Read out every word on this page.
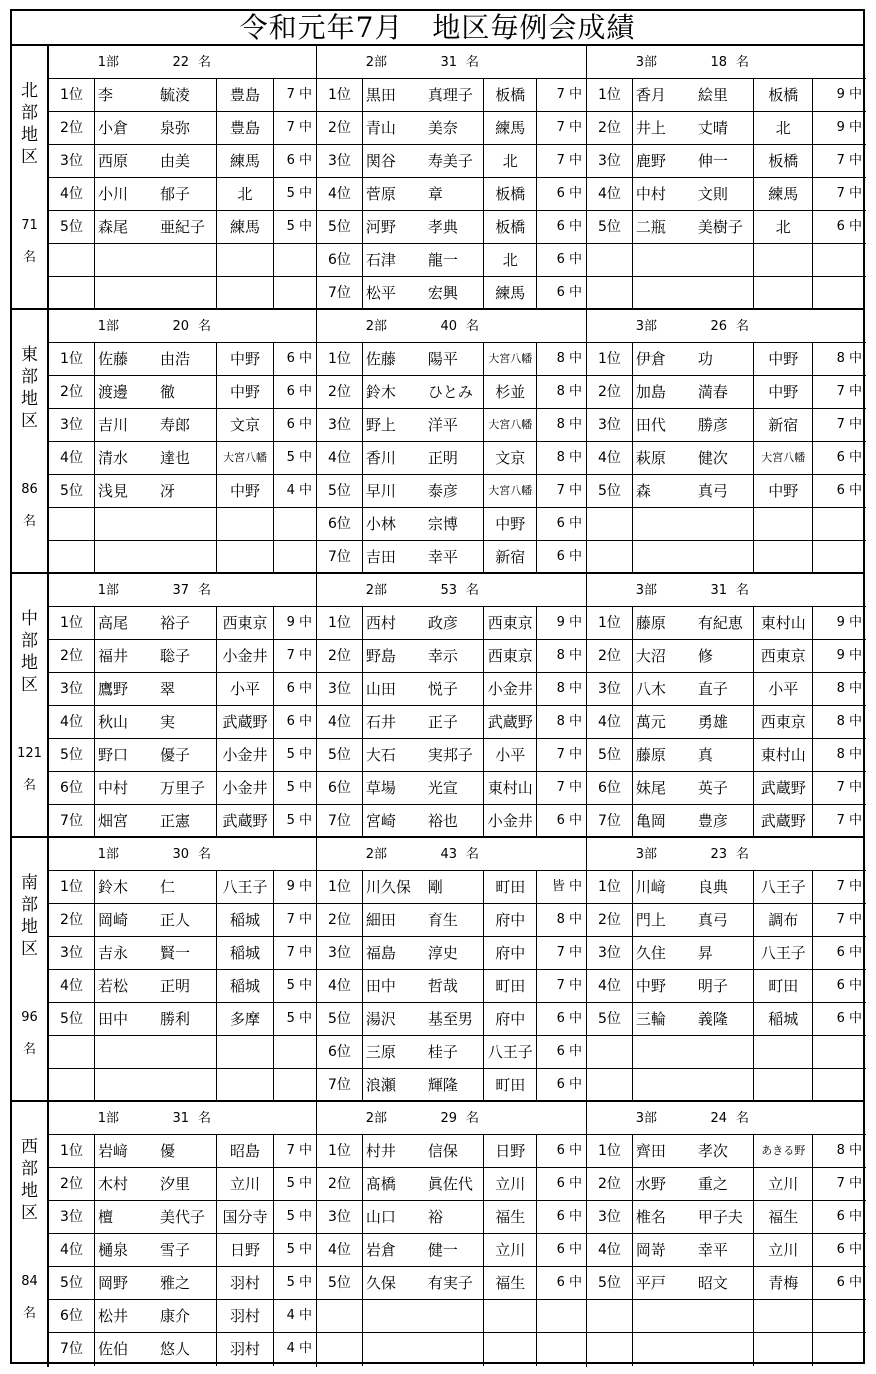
令和元年7月　地区毎例会成績
北
部
地
区
71
名
1部	22 名
1位	李	毓淩	豊島	7 中
2位	小倉	泉弥	豊島	7 中
3位	西原	由美	練馬	6 中
4位	小川	郁子	北	5 中
5位	森尾	亜紀子	練馬	5 中
2部	31 名
1位 黒田	真理子	板橋	7 中
2位 青山	美奈	練馬	7 中
3位 関谷	寿美子	北	7 中
4位 菅原	章	板橋	6 中
5位 河野	孝典	板橋	6 中
6位 石津	龍一	北	6 中
7位 松平	宏興	練馬	6 中
3部	18 名
1位 香月	絵里	板橋	9 中
2位 井上	丈晴	北	9 中
3位 鹿野	伸一	板橋	7 中
4位 中村	文則	練馬	7 中
5位 二瓶	美樹子	北	6 中
東
部
地
区
86
名
1部	20 名
1位	佐藤	由浩	中野	6 中
2位	渡邊	徹	中野	6 中
3位	吉川	寿郎	文京	6 中
4位	清水	達也	大宮八幡	5 中
5位	浅見	冴	中野	4 中
2部	40 名
1位 佐藤	陽平	大宮八幡	8 中
2位 鈴木	ひとみ	杉並	8 中
3位 野上	洋平	大宮八幡	8 中
4位 香川	正明	文京	8 中
5位 早川	泰彦	大宮八幡	7 中
6位 小林	宗博	中野	6 中
7位 吉田	幸平	新宿	6 中
3部	26 名
1位 伊倉	功	中野	8 中
2位 加島	満春	中野	7 中
3位 田代	勝彦	新宿	7 中
4位 萩原	健次	大宮八幡	6 中
5位 森	真弓	中野	6 中
中
部
地
区
121
名
1部	37 名
1位	高尾	裕子	西東京	9 中
2位	福井	聡子	小金井	7 中
3位	鷹野	翠	小平	6 中
4位	秋山	実	武蔵野	6 中
5位	野口	優子	小金井	5 中
6位	中村	万里子	小金井	5 中
7位	畑宮	正憲	武蔵野	5 中
2部	53 名
1位 西村	政彦 西東京	9 中
2位 野島	幸示 西東京	8 中
3位 山田	悦子 小金井	8 中
4位 石井	正子 武蔵野	8 中
5位 大石	実邦子	小平	7 中
6位 草場	光宣 東村山	7 中
7位 宮崎	裕也 小金井	6 中
3部	31 名
1位 藤原	有紀恵	東村山	9 中
2位 大沼	修	西東京	9 中
3位 八木	直子	小平	8 中
4位 萬元	勇雄	西東京	8 中
5位 藤原	真	東村山	8 中
6位 妹尾	英子	武蔵野	7 中
7位 亀岡	豊彦	武蔵野	7 中
南
部
地
区
96
名
1部	30 名
1位	鈴木	仁	八王子	9 中
2位	岡崎	正人	稲城	7 中
3位	吉永	賢一	稲城	7 中
4位	若松	正明	稲城	5 中
5位	田中	勝利	多摩	5 中
2部	43 名
1位 川久保	剛	町田	皆 中
2位 細田	育生	府中	8 中
3位 福島	淳史	府中	7 中
4位 田中	哲哉	町田	7 中
5位 湯沢	基至男	府中	6 中
6位 三原	桂子 八王子	6 中
7位 浪瀬	輝隆	町田	6 中
3部	23 名
1位 川﨑	良典	八王子	7 中
2位 門上	真弓	調布	7 中
3位 久住	昇	八王子	6 中
4位 中野	明子	町田	6 中
5位 三輪	義隆	稲城	6 中
西
部
地
区
84
名
1部	31 名
1位	岩﨑	優	昭島	7 中
2位	木村	汐里	立川	5 中
3位	檀	美代子	国分寺	5 中
4位	樋泉	雪子	日野	5 中
5位	岡野	雅之	羽村	5 中
6位	松井	康介	羽村	4 中
7位	佐伯	悠人	羽村	4 中
2部	29 名
1位 村井	信保	日野	6 中
2位 髙橋	眞佐代	立川	6 中
3位 山口	裕	福生	6 中
4位 岩倉	健一	立川	6 中
5位 久保	有実子	福生	6 中
3部	24 名
1位 齊田	孝次	あきる野	8 中
2位 水野	重之	立川	7 中
3位 椎名	甲子夫	福生	6 中
4位 岡嵜	幸平	立川	6 中
5位 平戸	昭文	青梅	6 中
